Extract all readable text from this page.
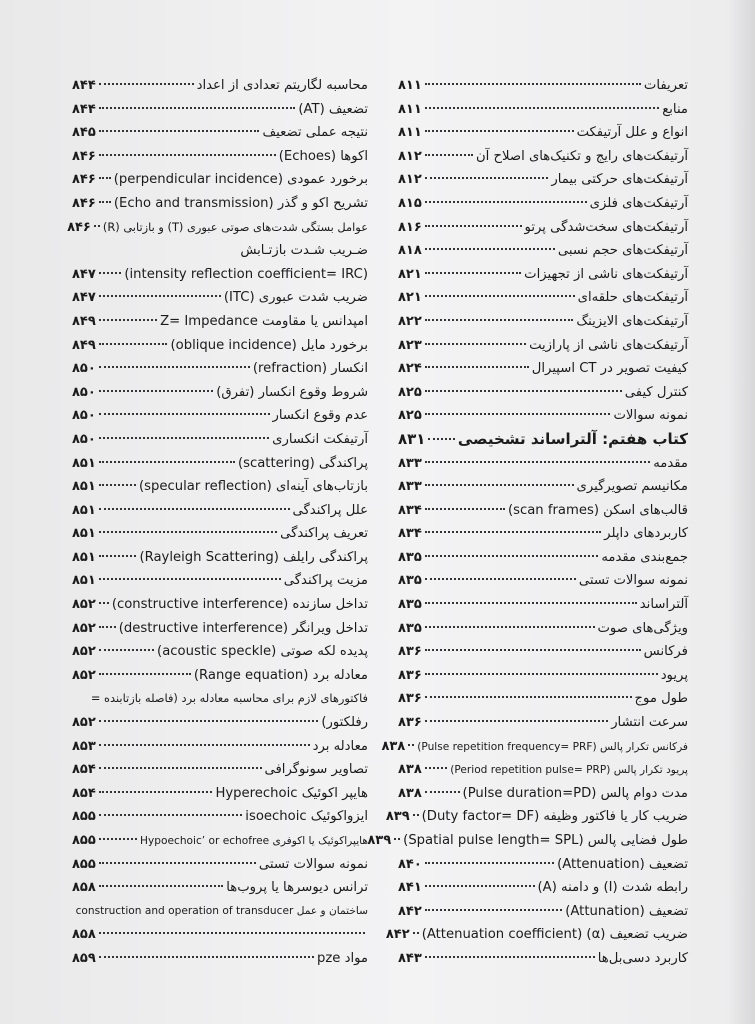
تعریفات
۸۱۱
منابع
۸۱۱
انواع و علل آرتیفکت
۸۱۱
آرتیفکت‌های رایج و تکنیک‌های اصلاح آن
۸۱۲
آرتیفکت‌های حرکتی بیمار
۸۱۲
آرتیفکت‌های فلزی
۸۱۵
آرتیفکت‌های سخت‌شدگی پرتو
۸۱۶
آرتیفکت‌های حجم نسبی
۸۱۸
آرتیفکت‌های ناشی از تجهیزات
۸۲۱
آرتیفکت‌های حلقه‌ای
۸۲۱
آرتیفکت‌های الایزینگ
۸۲۲
آرتیفکت‌های ناشی از پارازیت
۸۲۳
کیفیت تصویر در CT اسپیرال
۸۲۴
کنترل کیفی
۸۲۵
نمونه سوالات
۸۲۵
کتاب هفتم: آلتراساند تشخیصی
۸۳۱
مقدمه
۸۳۳
مکانیسم تصویرگیری
۸۳۳
قالب‌های اسکن (scan frames)
۸۳۴
کاربردهای داپلر
۸۳۴
جمع‌بندی مقدمه
۸۳۵
نمونه سوالات تستی
۸۳۵
آلتراساند
۸۳۵
ویژگی‌های صوت
۸۳۵
فرکانس
۸۳۶
پریود
۸۳۶
طول موج
۸۳۶
سرعت انتشار
۸۳۶
فرکانس تکرار پالس (Pulse repetition frequency= PRF)
۸۳۸
پریود تکرار پالس (Period repetition pulse= PRP)
۸۳۸
مدت دوام پالس (Pulse duration=PD)
۸۳۸
ضریب کار یا فاکتور وظیفه (Duty factor= DF)
۸۳۹
طول فضایی پالس (Spatial pulse length= SPL)
۸۳۹
تضعیف (Attenuation)
۸۴۰
رابطه شدت (I) و دامنه (A)
۸۴۱
تضعیف (Attunation)
۸۴۲
ضریب تضعیف (α) (Attenuation coefficient)
۸۴۲
کاربرد دسی‌بل‌ها
۸۴۳
محاسبه لگاریتم تعدادی از اعداد
۸۴۴
تضعیف (AT)
۸۴۴
نتیجه عملی تضعیف
۸۴۵
اکوها (Echoes)
۸۴۶
برخورد عمودی (perpendicular incidence)
۸۴۶
تشریح اکو و گذر (Echo and transmission)
۸۴۶
عوامل بستگی شدت‌های صوتی عبوری (T) و بازتابی (R)
۸۴۶
ضـریب شـدت بازتـابش
(intensity reflection coefficient= IRC)
۸۴۷
ضریب شدت عبوری (ITC)
۸۴۷
امپدانس یا مقاومت Z= Impedance
۸۴۹
برخورد مایل (oblique incidence)
۸۴۹
انکسار (refraction)
۸۵۰
شروط وقوع انکسار (تفرق)
۸۵۰
عدم وقوع انکسار
۸۵۰
آرتیفکت انکساری
۸۵۰
پراکندگی (scattering)
۸۵۱
بازتاب‌های آینه‌ای (specular reflection)
۸۵۱
علل پراکندگی
۸۵۱
تعریف پراکندگی
۸۵۱
پراکندگی رایلف (Rayleigh Scattering)
۸۵۱
مزیت پراکندگی
۸۵۱
تداخل سازنده (constructive interference)
۸۵۲
تداخل ویرانگر (destructive interference)
۸۵۲
پدیده لکه صوتی (acoustic speckle)
۸۵۲
معادله برد (Range equation)
۸۵۲
فاکتورهای لازم برای محاسبه معادله برد (فاصله بازتابنده =
رفلکتور)
۸۵۲
معادله برد
۸۵۳
تصاویر سونوگرافی
۸۵۴
هایپر اکوئیک Hyperechoic
۸۵۴
ایزواکوئیک isoechoic
۸۵۵
هایپراکوئیک یا اکوفری Hypoechoic’ or echofree
۸۵۵
نمونه سوالات تستی
۸۵۵
ترانس دیوسرها یا پروب‌ها
۸۵۸
ساختمان و عمل construction and operation of transducer
۸۵۸
مواد pze
۸۵۹
